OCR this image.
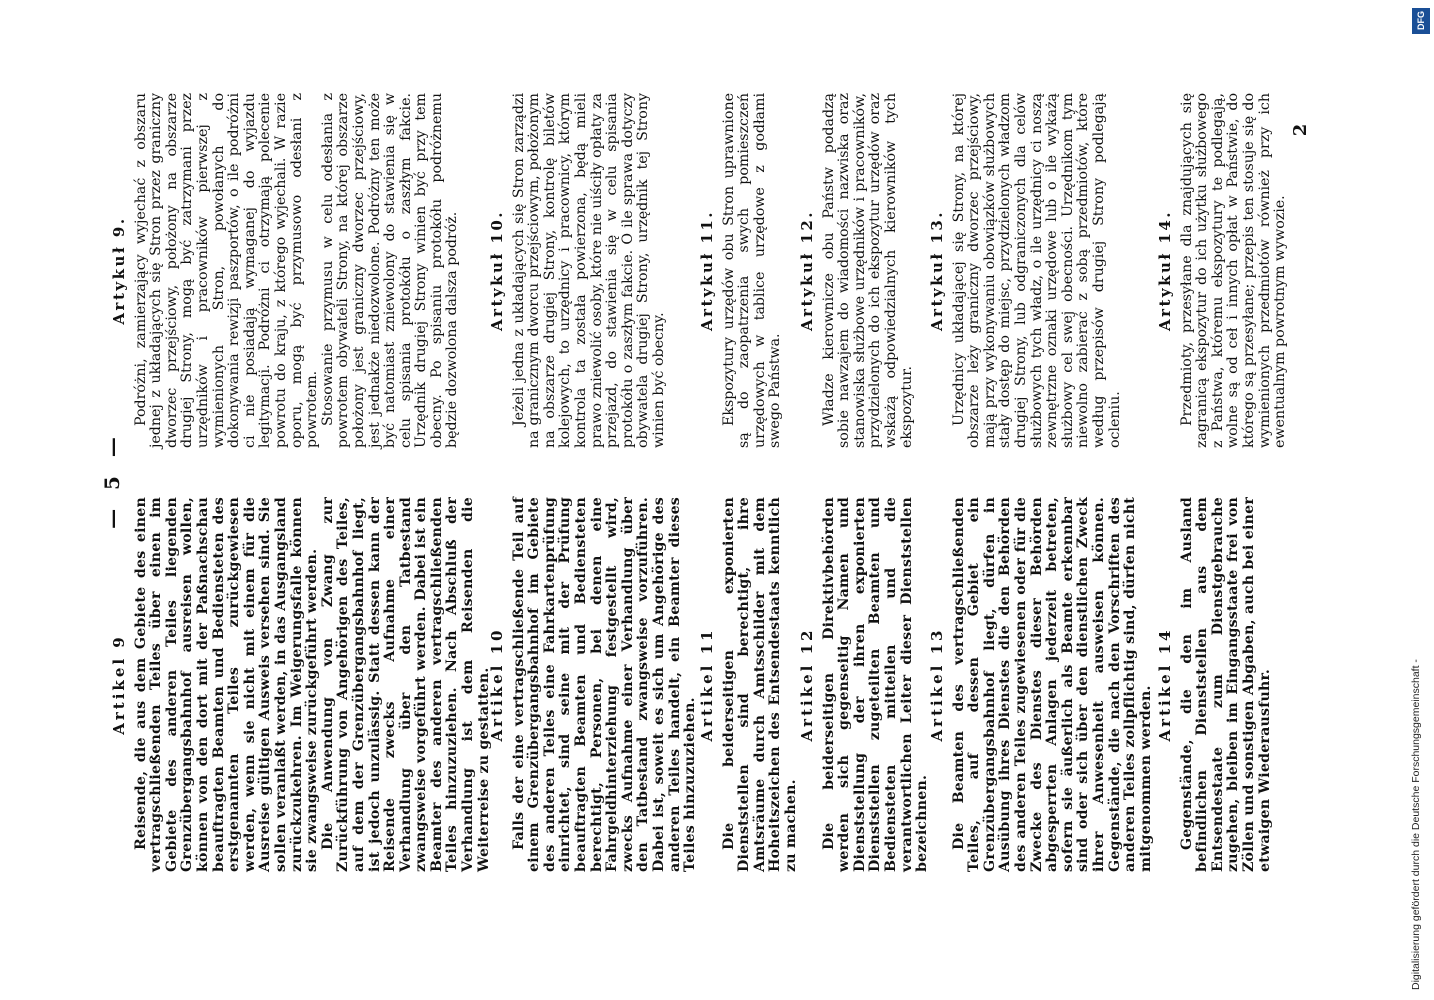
— 5 —
Artikel 9 Reisende, die aus dem Gebiete des einen vertragschließenden Teiles über einen im Gebiete des anderen Teiles liegenden Grenzübergangsbahnhof ausreisen wollen, können von den dort mit der Paßnachschau beauftragten Beamten und Bediensteten des erstgenannten Teiles zurückgewiesen werden, wenn sie nicht mit einem für die Ausreise gültigen Ausweis versehen sind. Sie sollen veranlaßt werden, in das Ausgangsland zurückzukehren. Im Weigerungsfalle können sie zwangsweise zurückgeführt werden. Die Anwendung von Zwang zur Zurückführung von Angehörigen des Teiles, auf dem der Grenzübergangsbahnhof liegt, ist jedoch unzulässig. Statt dessen kann der Reisende zwecks Aufnahme einer Verhandlung über den Tatbestand zwangsweise vorgeführt werden. Dabei ist ein Beamter des anderen vertragschließenden Teiles hinzuzuziehen. Nach Abschluß der Verhandlung ist dem Reisenden die Weiterreise zu gestatten.

Artikel 10 Falls der eine vertragschließende Teil auf einem Grenzübergangsbahnhof im Gebiete des anderen Teiles eine Fahrkartenprüfung einrichtet, sind seine mit der Prüfung beauftragten Beamten und Bediensteten berechtigt, Personen, bei denen eine Fahrgeldhinterziehung festgestellt wird, zwecks Aufnahme einer Verhandlung über den Tatbestand zwangsweise vorzuführen. Dabei ist, soweit es sich um Angehörige des anderen Teiles handelt, ein Beamter dieses Teiles hinzuzuziehen.

Artikel 11 Die beiderseitigen exponierten Dienststellen sind berechtigt, ihre Amtsräume durch Amtsschilder mit dem Hoheitszeichen des Entsendestaats kenntlich zu machen.

Artikel 12 Die beiderseitigen Direktivbehörden werden sich gegenseitig Namen und Dienststellung der ihren exponierten Dienststellen zugeteilten Beamten und Bediensteten mitteilen und die verantwortlichen Leiter dieser Dienststellen bezeichnen.

Artikel 13 Die Beamten des vertragschließenden Teiles, auf dessen Gebiet ein Grenzübergangsbahnhof liegt, dürfen in Ausübung ihres Dienstes die den Behörden des anderen Teiles zugewiesenen oder für die Zwecke des Dienstes dieser Behörden abgesperrten Anlagen jederzeit betreten, sofern sie äußerlich als Beamte erkennbar sind oder sich über den dienstlichen Zweck ihrer Anwesenheit ausweisen können. Gegenstände, die nach den Vorschriften des anderen Teiles zollpflichtig sind, dürfen nicht mitgenommen werden.

Artikel 14 Gegenstände, die den im Ausland befindlichen Dienststellen aus dem Entsendestaate zum Dienstgebrauche zugehen, bleiben im Eingangsstaate frei von Zöllen und sonstigen Abgaben, auch bei einer etwaigen Wiederausfuhr.

Artykuł 9. Podróżni, zamierzający wyjechać z obszaru jednej z układających się Stron przez graniczny dworzec przejściowy, położony na obszarze drugiej Strony, mogą być zatrzymani przez urzędników i pracowników pierwszej z wymienionych Stron, powołanych do dokonywania rewizji paszportów, o ile podróżni ci nie posiadają wymaganej do wyjazdu legitymacji. Podróżni ci otrzymają polecenie powrotu do kraju, z którego wyjechali. W razie oporu, mogą być przymusowo odesłani z powrotem. Stosowanie przymusu w celu odesłania z powrotem obywateli Strony, na której obszarze położony jest graniczny dworzec przejściowy, jest jednakże niedozwolone. Podróżny ten może być natomiast zniewolony do stawienia się w celu spisania protokółu o zaszłym fakcie. Urzędnik drugiej Strony winien być przy tem obecny. Po spisaniu protokółu podróżnemu będzie dozwolona dalsza podróż. Artykuł 10. Jeżeli jedna z układających się Stron zarządzi na granicznym dworcu przejściowym, położonym na obszarze drugiej Strony, kontrolę biletów kolejowych, to urzędnicy i pracownicy, którym kontrola ta została powierzona, będą mieli prawo zniewolić osoby, które nie uiściły opłaty za przejazd, do stawienia się w celu spisania protokółu o zaszłym fakcie. O ile sprawa dotyczy obywatela drugiej Strony, urzędnik tej Strony winien być obecny.

Artykuł 11. Ekspozytury urzędów obu Stron uprawnione są do zaopatrzenia swych pomieszczeń urzędowych w tablice urzędowe z godłami swego Państwa.

Artykuł 12. Władze kierownicze obu Państw podadzą sobie nawzajem do wiadomości nazwiska oraz stanowiska służbowe urzędników i pracowników, przydzielonych do ich ekspozytur urzędów oraz wskażą odpowiedzialnych kierowników tych ekspozytur.

Artykuł 13. Urzędnicy układającej się Strony, na której obszarze leży graniczny dworzec przejściowy, mają przy wykonywaniu obowiązków służbowych stały dostęp do miejsc, przydzielonych władzom drugiej Strony, lub odgraniczonych dla celów służbowych tych władz, o ile urzędnicy ci noszą zewnętrzne oznaki urzędowe lub o ile wykażą służbowy cel swej obecności. Urzędnikom tym niewolno zabierać z sobą przedmiotów, które według przepisów drugiej Strony podlegają ocleniu.

Artykuł 14. Przedmioty, przesyłane dla znajdujących się zagranicą ekspozytur do ich użytku służbowego z Państwa, któremu ekspozytury te podlegają, wolne są od ceł i innych opłat w Państwie, do którego są przesyłane; przepis ten stosuje się do wymienionych przedmiotów również przy ich ewentualnym powrotnym wywozie.

2
DFG
Digitalisierung gefördert durch die Deutsche Forschungsgemeinschaft -
